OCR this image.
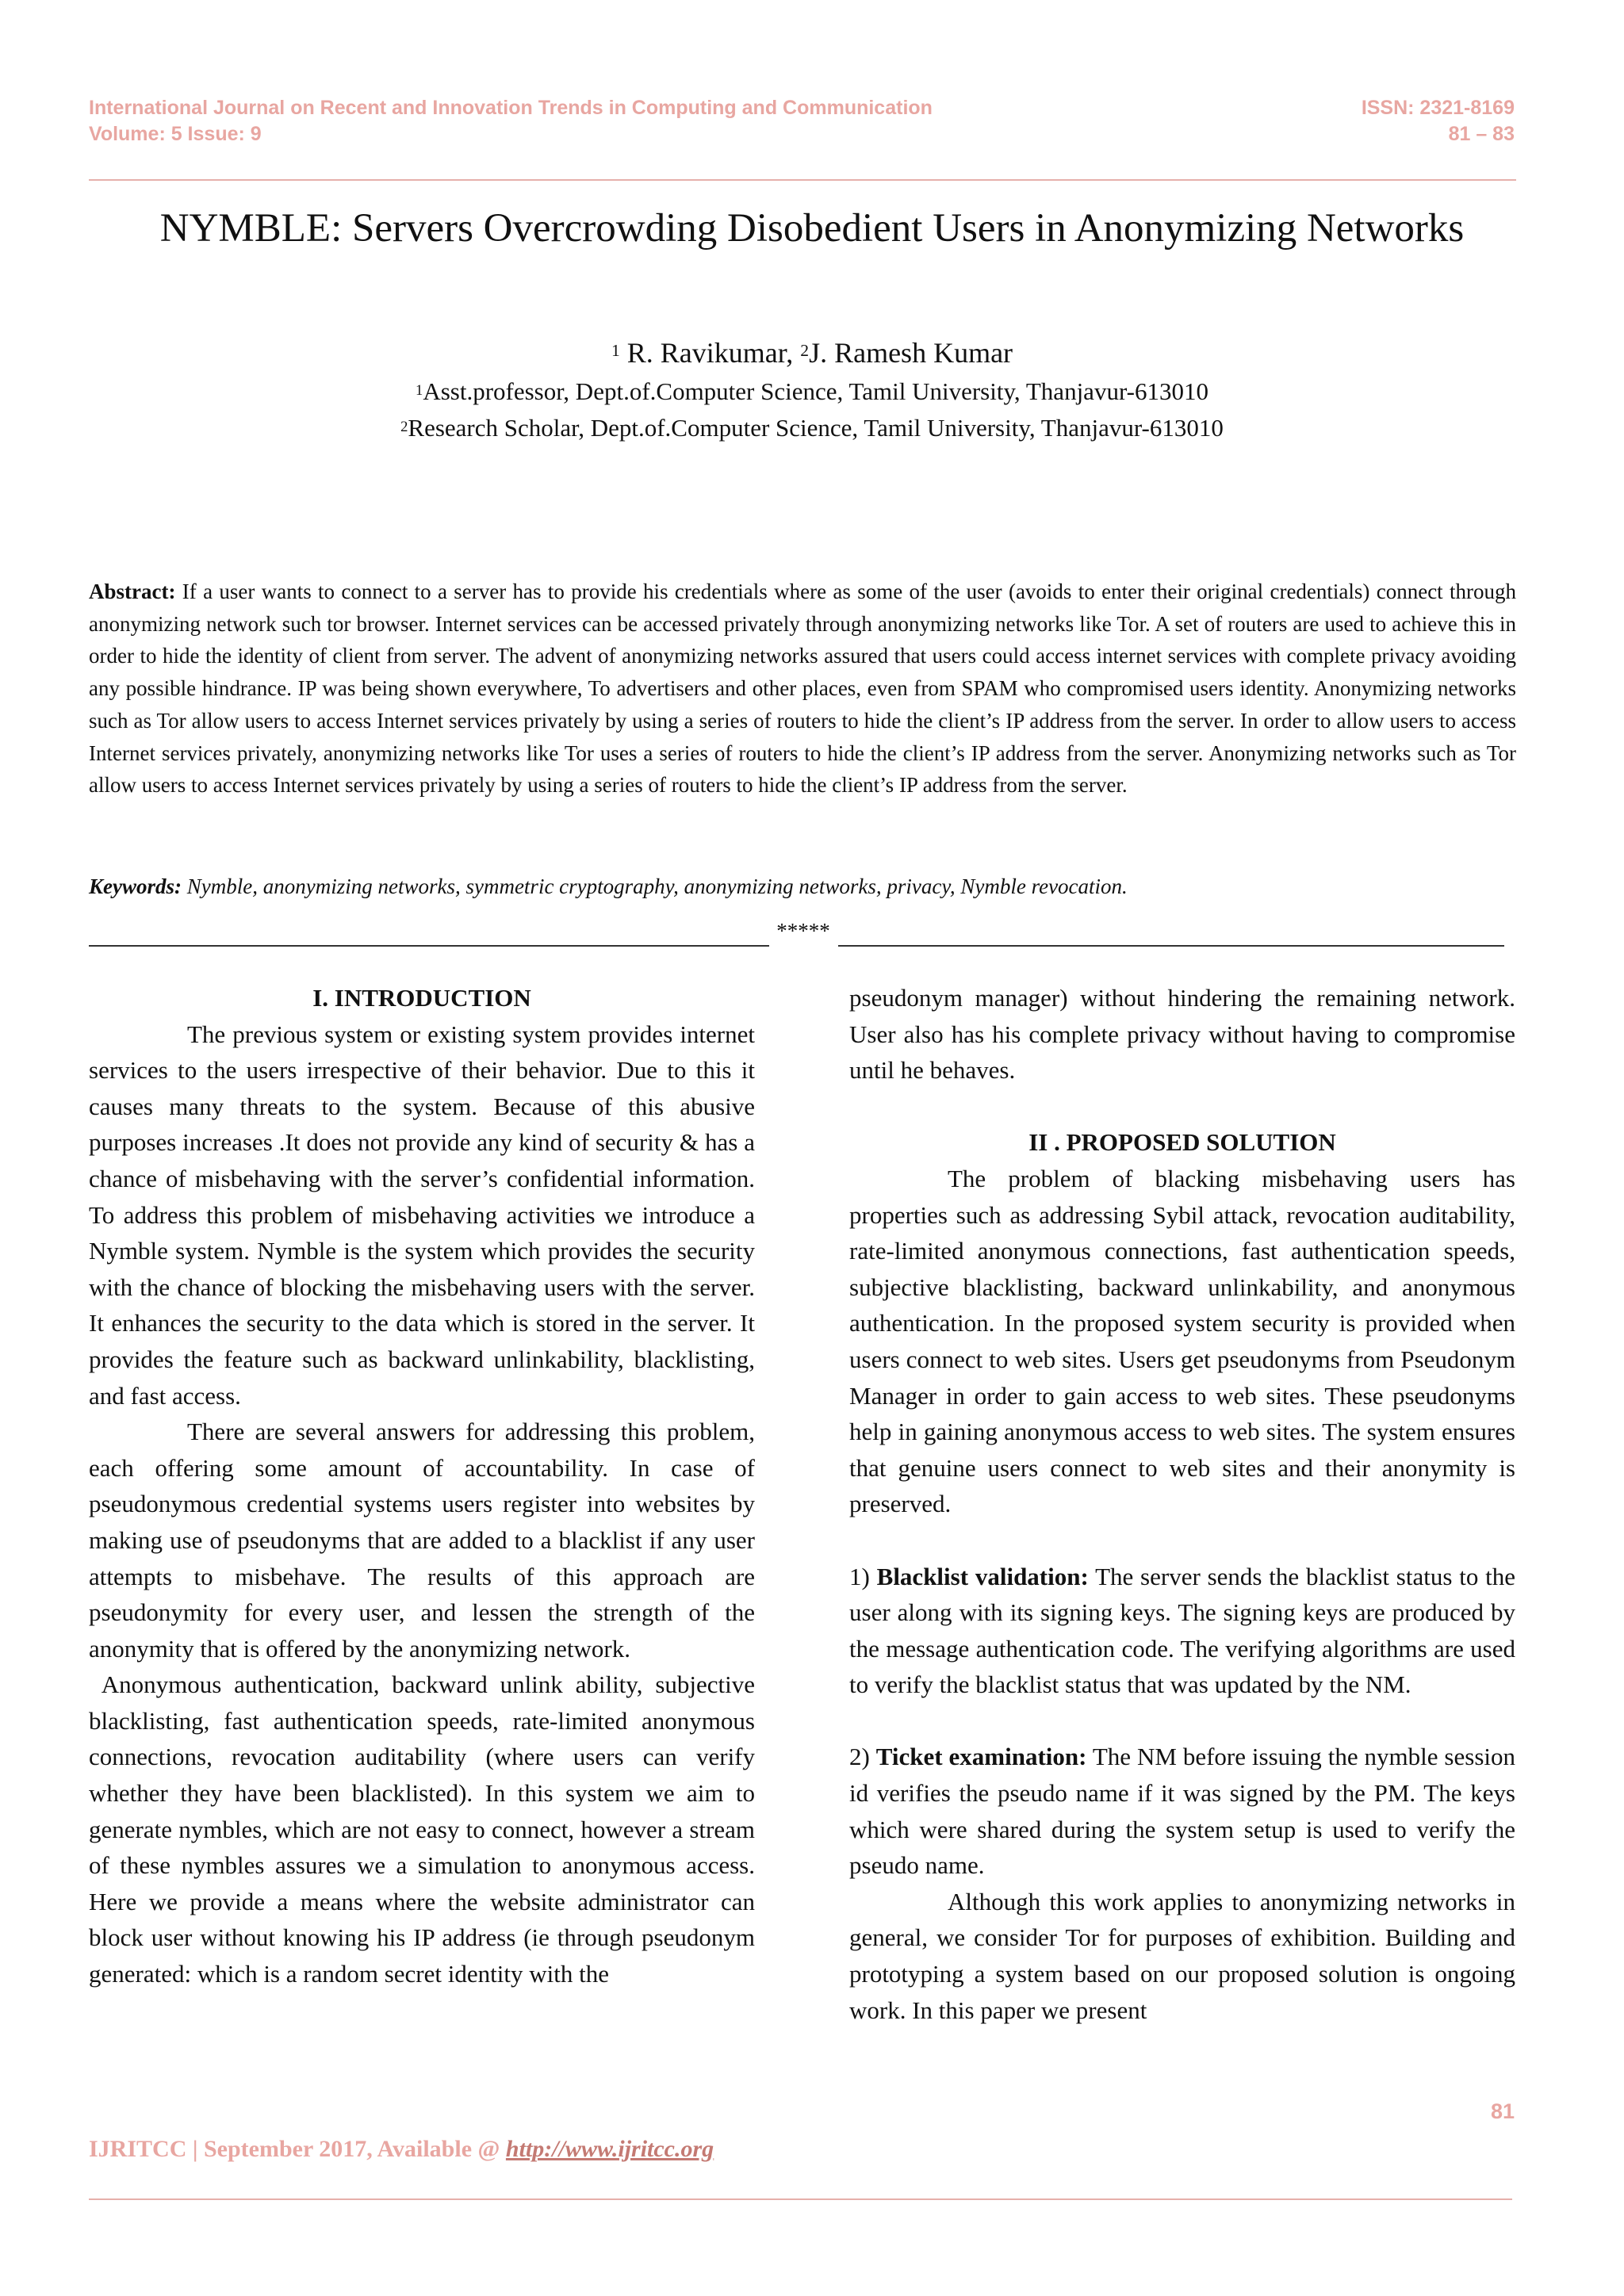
International Journal on Recent and Innovation Trends in Computing and Communication
Volume: 5 Issue: 9
ISSN: 2321-8169
81 – 83
NYMBLE: Servers Overcrowding Disobedient Users in Anonymizing Networks
$^1$ R. Ravikumar, $^2$J. Ramesh Kumar
$^1$Asst.professor, Dept.of.Computer Science, Tamil University, Thanjavur-613010
$^2$Research Scholar, Dept.of.Computer Science, Tamil University, Thanjavur-613010
Abstract: If a user wants to connect to a server has to provide his credentials where as some of the user (avoids to enter their original credentials) connect through anonymizing network such tor browser. Internet services can be accessed privately through anonymizing networks like Tor. A set of routers are used to achieve this in order to hide the identity of client from server. The advent of anonymizing networks assured that users could access internet services with complete privacy avoiding any possible hindrance. IP was being shown everywhere, To advertisers and other places, even from SPAM who compromised users identity. Anonymizing networks such as Tor allow users to access Internet services privately by using a series of routers to hide the client’s IP address from the server. In order to allow users to access Internet services privately, anonymizing networks like Tor uses a series of routers to hide the client’s IP address from the server. Anonymizing networks such as Tor allow users to access Internet services privately by using a series of routers to hide the client’s IP address from the server.
Keywords: Nymble, anonymizing networks, symmetric cryptography, anonymizing networks, privacy, Nymble revocation.
*****

I. INTRODUCTION

The previous system or existing system provides internet services to the users irrespective of their behavior. Due to this it causes many threats to the system. Because of this abusive purposes increases .It does not provide any kind of security & has a chance of misbehaving with the server’s confidential information. To address this problem of misbehaving activities we introduce a Nymble system. Nymble is the system which provides the security with the chance of blocking the misbehaving users with the server. It enhances the security to the data which is stored in the server. It provides the feature such as backward unlinkability, blacklisting, and fast access.

There are several answers for addressing this problem, each offering some amount of accountability. In case of pseudonymous credential systems users register into websites by making use of pseudonyms that are added to a blacklist if any user attempts to misbehave. The results of this approach are pseudonymity for every user, and lessen the strength of the anonymity that is offered by the anonymizing network.

Anonymous authentication, backward unlink ability, subjective blacklisting, fast authentication speeds, rate-limited anonymous connections, revocation auditability (where users can verify whether they have been blacklisted). In this system we aim to generate nymbles, which are not easy to connect, however a stream of these nymbles assures we a simulation to anonymous access. Here we provide a means where the website administrator can block user without knowing his IP address (ie through pseudonym generated: which is a random secret identity with the

pseudonym manager) without hindering the remaining network. User also has his complete privacy without having to compromise until he behaves.

II . PROPOSED SOLUTION

The problem of blacking misbehaving users has properties such as addressing Sybil attack, revocation auditability, rate-limited anonymous connections, fast authentication speeds, subjective blacklisting, backward unlinkability, and anonymous authentication. In the proposed system security is provided when users connect to web sites. Users get pseudonyms from Pseudonym Manager in order to gain access to web sites. These pseudonyms help in gaining anonymous access to web sites. The system ensures that genuine users connect to web sites and their anonymity is preserved.

1) Blacklist validation: The server sends the blacklist status to the user along with its signing keys. The signing keys are produced by the message authentication code. The verifying algorithms are used to verify the blacklist status that was updated by the NM.

2) Ticket examination: The NM before issuing the nymble session id verifies the pseudo name if it was signed by the PM. The keys which were shared during the system setup is used to verify the pseudo name.

Although this work applies to anonymizing networks in general, we consider Tor for purposes of exhibition. Building and prototyping a system based on our proposed solution is ongoing work. In this paper we present

81
IJRITCC | September 2017, Available @ http://www.ijritcc.org
